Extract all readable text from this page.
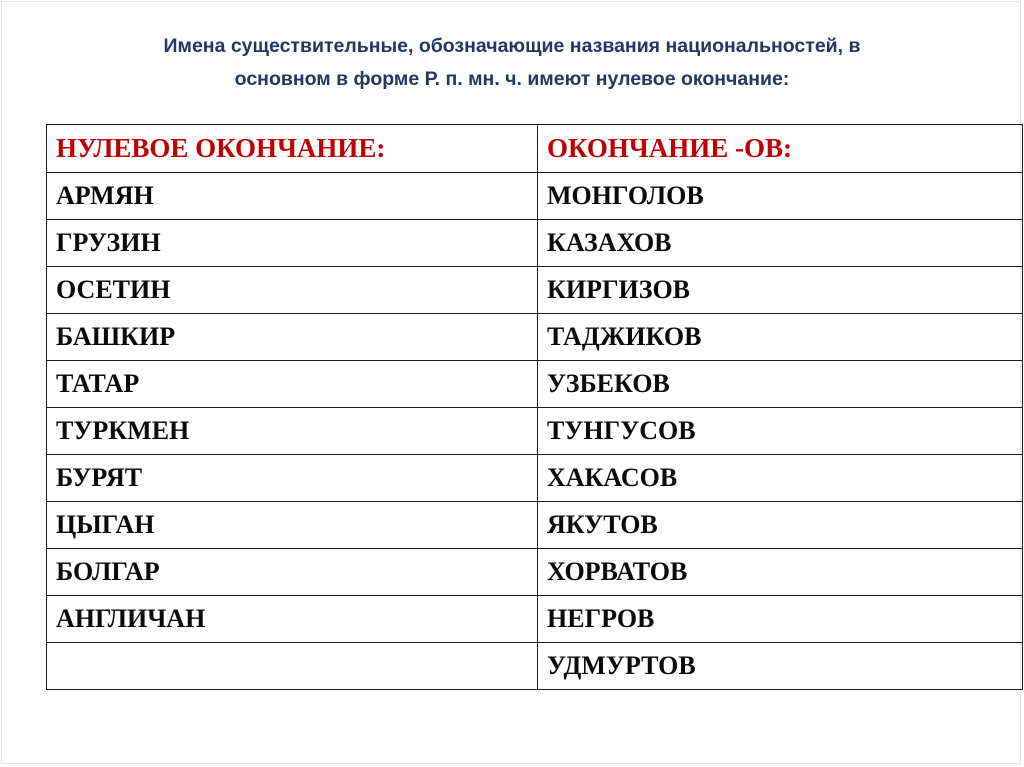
Имена существительные, обозначающие названия национальностей, в
основном в форме Р. п. мн. ч. имеют нулевое окончание:
НУЛЕВОЕ ОКОНЧАНИЕ:	ОКОНЧАНИЕ -ОВ:
АРМЯН	МОНГОЛОВ
ГРУЗИН	КАЗАХОВ
ОСЕТИН	КИРГИЗОВ
БАШКИР	ТАДЖИКОВ
ТАТАР	УЗБЕКОВ
ТУРКМЕН	ТУНГУСОВ
БУРЯТ	ХАКАСОВ
ЦЫГАН	ЯКУТОВ
БОЛГАР	ХОРВАТОВ
АНГЛИЧАН	НЕГРОВ
	УДМУРТОВ
